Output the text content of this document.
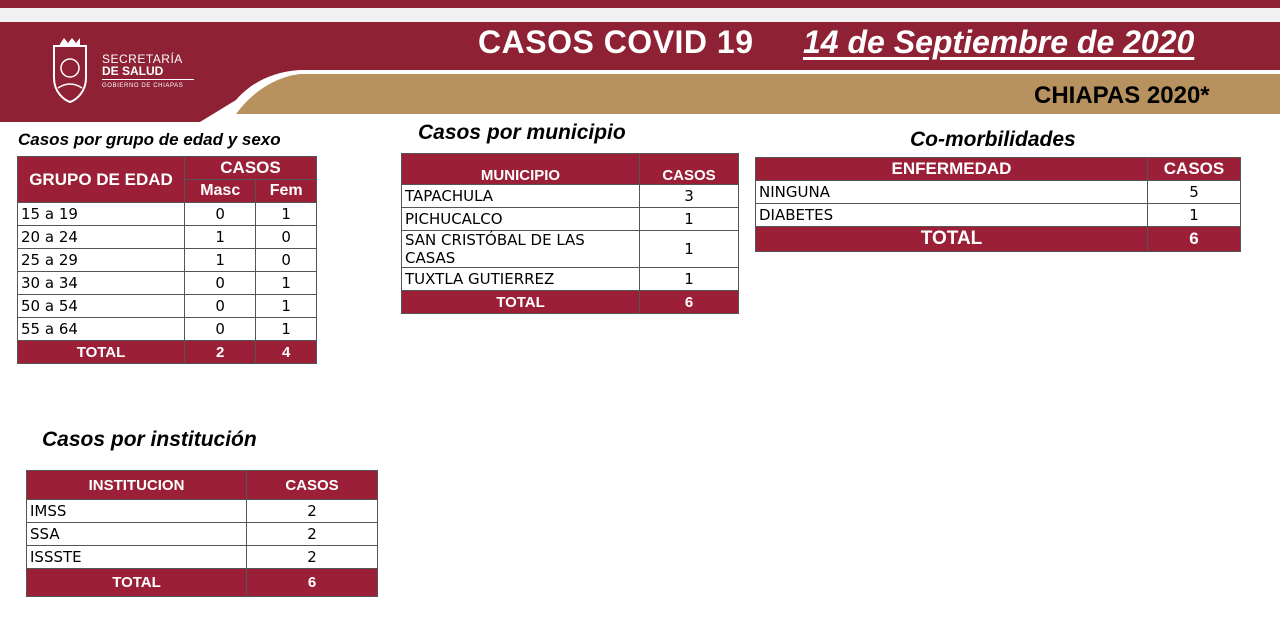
SECRETARÍA
DE SALUD
GOBIERNO DE CHIAPAS
CASOS COVID 19 14 de Septiembre de 2020
CHIAPAS 2020*
Casos por grupo de edad y sexo
GRUPO DE EDAD	CASOS	
	Masc	Fem
15 a 19	0	1
20 a 24	1	0
25 a 29	1	0
30 a 34	0	1
50 a 54	0	1
55 a 64	0	1
TOTAL	2	4
Casos por municipio
MUNICIPIO	CASOS
TAPACHULA	3
PICHUCALCO	1
SAN CRISTÓBAL DE LAS CASAS	1
TUXTLA GUTIERREZ	1
TOTAL	6
Co-morbilidades
ENFERMEDAD	CASOS
NINGUNA	5
DIABETES	1
TOTAL	6
Casos por institución
INSTITUCION	CASOS
IMSS	2
SSA	2
ISSSTE	2
TOTAL	6
